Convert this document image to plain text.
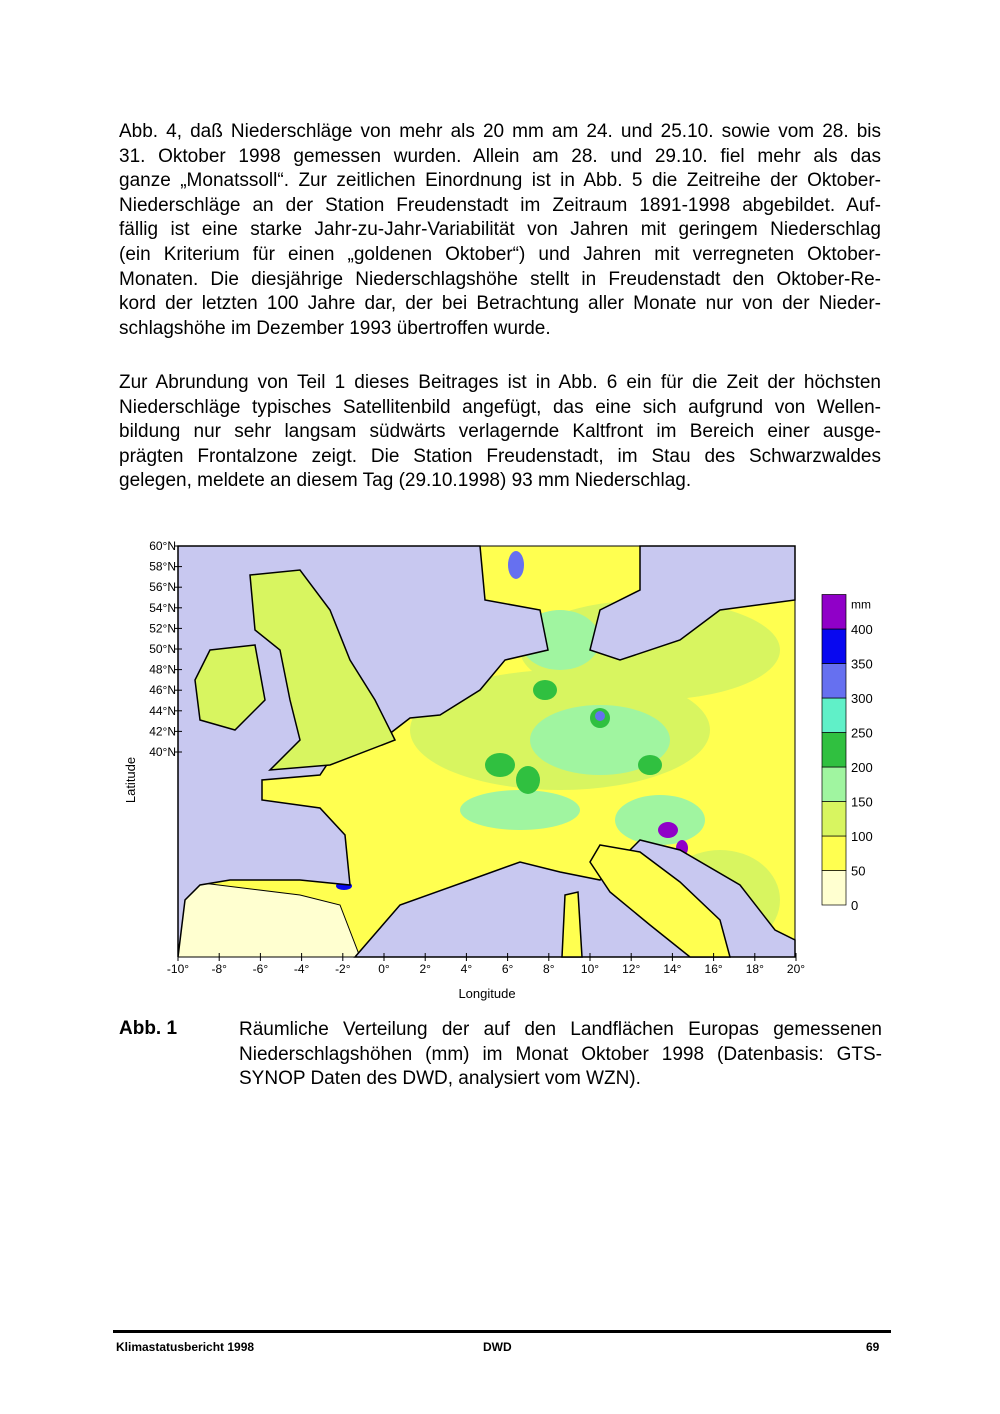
Abb. 4, daß Niederschläge von mehr als 20 mm am 24. und 25.10. sowie vom 28. bis
31. Oktober 1998 gemessen wurden. Allein am 28. und 29.10. fiel mehr als das
ganze „Monatssoll“. Zur zeitlichen Einordnung ist in Abb. 5 die Zeitreihe der Oktober-
Niederschläge an der Station Freudenstadt im Zeitraum 1891-1998 abgebildet. Auf-
fällig ist eine starke Jahr-zu-Jahr-Variabilität von Jahren mit geringem Niederschlag
(ein Kriterium für einen „goldenen Oktober“) und Jahren mit verregneten Oktober-
Monaten. Die diesjährige Niederschlagshöhe stellt in Freudenstadt den Oktober-Re-
kord der letzten 100 Jahre dar, der bei Betrachtung aller Monate nur von der Nieder-
schlagshöhe im Dezember 1993 übertroffen wurde.
Zur Abrundung von Teil 1 dieses Beitrages ist in Abb. 6 ein für die Zeit der höchsten
Niederschläge typisches Satellitenbild angefügt, das eine sich aufgrund von Wellen-
bildung nur sehr langsam südwärts verlagernde Kaltfront im Bereich einer ausge-
prägten Frontalzone zeigt. Die Station Freudenstadt, im Stau des Schwarzwaldes
gelegen, meldete an diesem Tag (29.10.1998) 93 mm Niederschlag.
Latitude
Longitude
60°N
58°N
56°N
54°N
52°N
50°N
48°N
46°N
44°N
42°N
40°N
-10° -8° -6° -4° -2° 0° 2° 4° 6° 8° 10° 12° 14° 16° 18° 20°
0
50
100
150
200
250
300
350
400
mm
Abb. 1	Räumliche Verteilung der auf den Landflächen Europas gemessenen
Niederschlagshöhen (mm) im Monat Oktober 1998 (Datenbasis: GTS-
SYNOP Daten des DWD, analysiert vom WZN).
Klimastatusbericht 1998	DWD	69
